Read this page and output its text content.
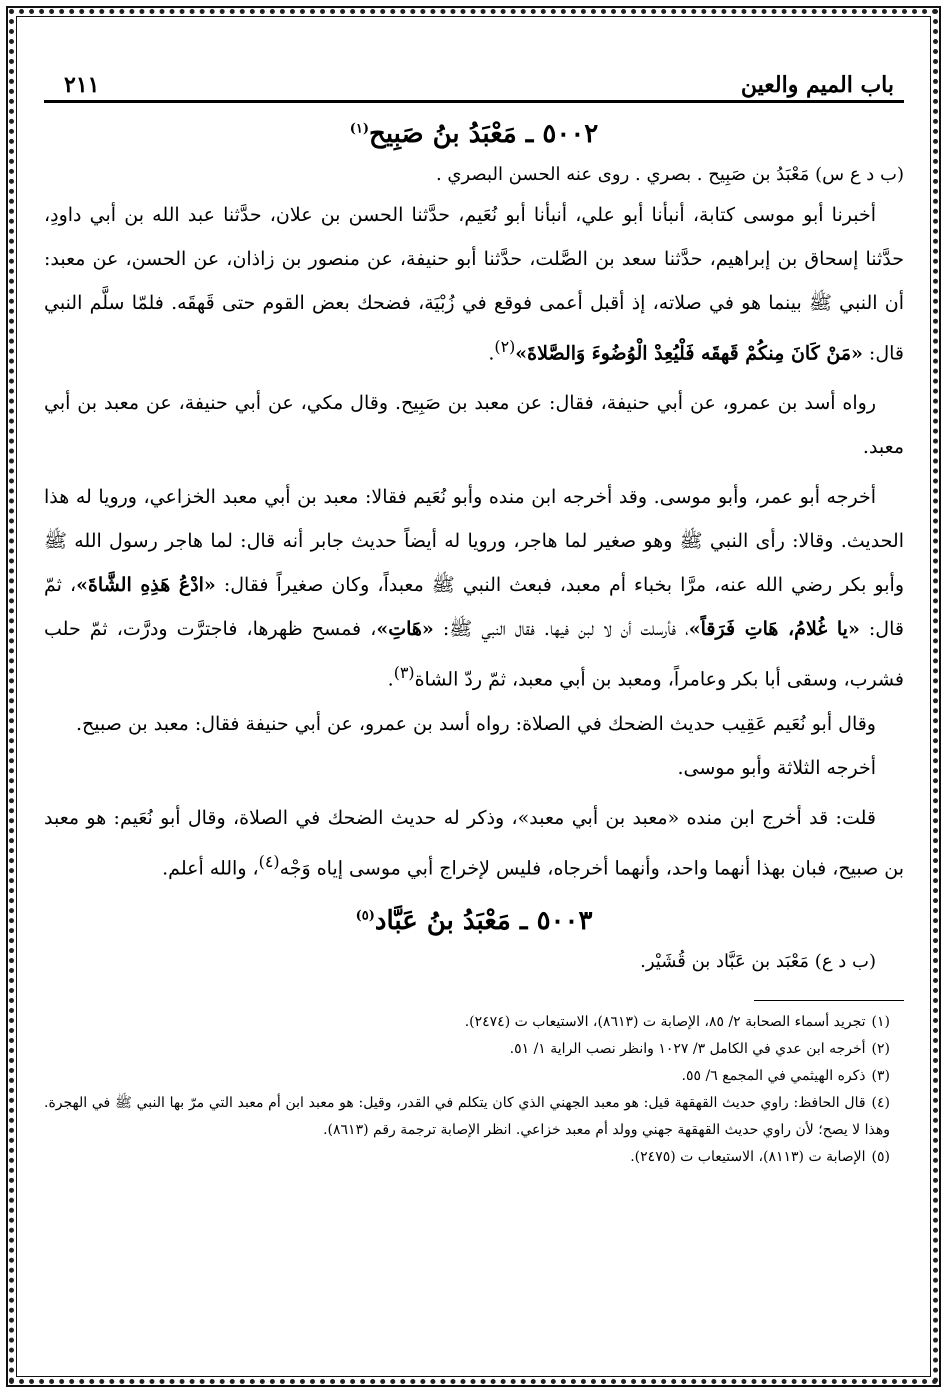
باب الميم والعين
٢١١
٥٠٠٢ ـ مَعْبَدُ بنُ صَبِيح$^{(١)}$

(ب د ع س) مَعْبَدُ بن صَبِيح . بصري . روى عنه الحسن البصري .

أخبرنا أبو موسى كتابة، أنبأنا أبو علي، أنبأنا أبو نُعَيم، حدَّثنا الحسن بن علان، حدَّثنا عبد الله بن أبي داودِ، حدَّثنا إسحاق بن إبراهيم، حدَّثنا سعد بن الصَّلت، حدَّثنا أبو حنيفة، عن منصور بن زاذان، عن الحسن، عن معبد: أن النبي ﷺ بينما هو في صلاته، إذ أقبل أعمى فوقع في زُبْيَة، فضحك بعض القوم حتى قَهقَه. فلمّا سلَّم النبي قال: «مَنْ كَانَ مِنكُمْ قَهقَه فَلْيُعِدْ الْوُضُوءَ وَالصَّلاةَ»$^{(٢)}$.

رواه أسد بن عمرو، عن أبي حنيفة، فقال: عن معبد بن صَبِيح. وقال مكي، عن أبي حنيفة، عن معبد بن أبي معبد.

أخرجه أبو عمر، وأبو موسى. وقد أخرجه ابن منده وأبو نُعَيم فقالا: معبد بن أبي معبد الخزاعي، ورويا له هذا الحديث. وقالا: رأى النبي ﷺ وهو صغير لما هاجر، ورويا له أيضاً حديث جابر أنه قال: لما هاجر رسول الله ﷺ وأبو بكر رضي الله عنه، مرَّا بخباء أم معبد، فبعث النبي ﷺ معبداً، وكان صغيراً فقال: «ادْعُ هَذِهِ الشَّاةَ»، ثمّ قال: «يا غُلامُ، هَاتِ فَرَقاً»، فأرسلت أن لا لبن فيها. فقال النبي ﷺ: «هَاتِ»، فمسح ظهرها، فاجترَّت ودرَّت، ثمّ حلب فشرب، وسقى أبا بكر وعامراً، ومعبد بن أبي معبد، ثمّ ردّ الشاة$^{(٣)}$.

وقال أبو نُعَيم عَقِيب حديث الضحك في الصلاة: رواه أسد بن عمرو، عن أبي حنيفة فقال: معبد بن صبيح.

أخرجه الثلاثة وأبو موسى.

قلت: قد أخرج ابن منده «معبد بن أبي معبد»، وذكر له حديث الضحك في الصلاة، وقال أبو نُعَيم: هو معبد بن صبيح، فبان بهذا أنهما واحد، وأنهما أخرجاه، فليس لإخراج أبي موسى إياه وَجْه$^{(٤)}$، والله أعلم.

٥٠٠٣ ـ مَعْبَدُ بنُ عَبَّاد$^{(٥)}$

(ب د ع) مَعْبَد بن عَبَّاد بن قُشَيْر.

(١)تجريد أسماء الصحابة ٢/ ٨٥، الإصابة ت (٨٦١٣)، الاستيعاب ت (٢٤٧٤).

(٢)أخرجه ابن عدي في الكامل ٣/ ١٠٢٧ وانظر نصب الراية ١/ ٥١.

(٣)ذكره الهيثمي في المجمع ٦/ ٥٥.

(٤)قال الحافظ: راوي حديث القهقهة قيل: هو معبد الجهني الذي كان يتكلم في القدر، وقيل: هو معبد ابن أم معبد التي مرّ بها النبي ﷺ في الهجرة. وهذا لا يصح؛ لأن راوي حديث القهقهة جهني وولد أم معبد خزاعي. انظر الإصابة ترجمة رقم (٨٦١٣).

(٥)الإصابة ت (٨١١٣)، الاستيعاب ت (٢٤٧٥).
